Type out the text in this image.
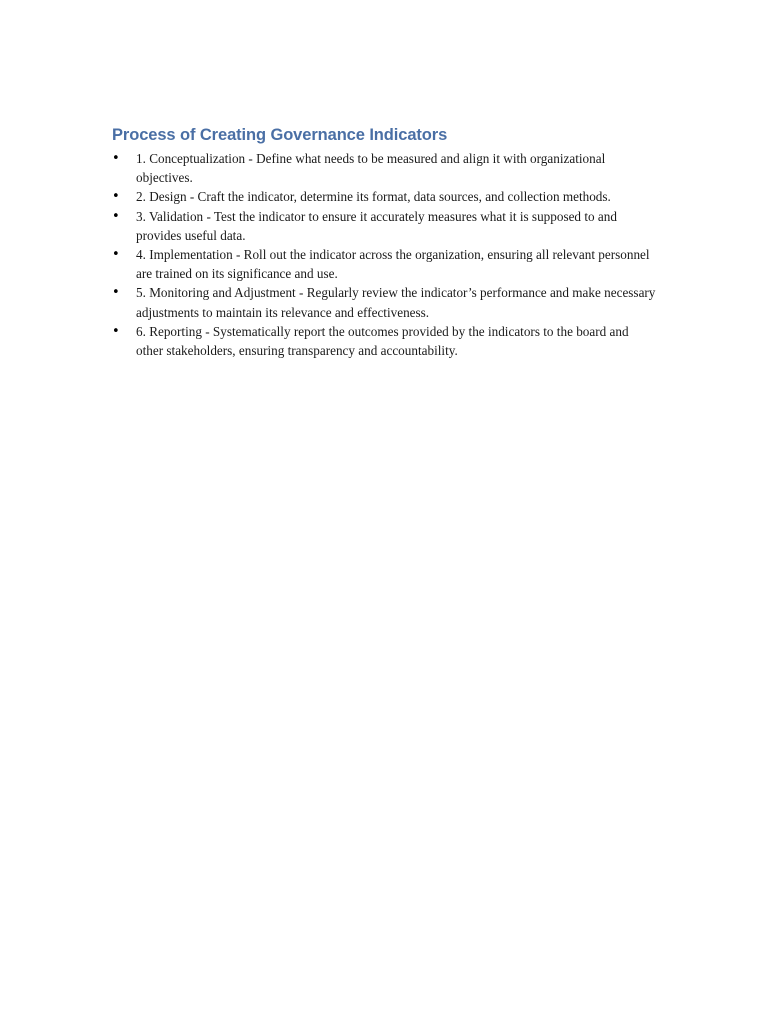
Process of Creating Governance Indicators
• 1. Conceptualization - Define what needs to be measured and align it with organizational objectives.
• 2. Design - Craft the indicator, determine its format, data sources, and collection methods.
• 3. Validation - Test the indicator to ensure it accurately measures what it is supposed to and provides useful data.
• 4. Implementation - Roll out the indicator across the organization, ensuring all relevant personnel are trained on its significance and use.
• 5. Monitoring and Adjustment - Regularly review the indicator’s performance and make necessary adjustments to maintain its relevance and effectiveness.
• 6. Reporting - Systematically report the outcomes provided by the indicators to the board and other stakeholders, ensuring transparency and accountability.
